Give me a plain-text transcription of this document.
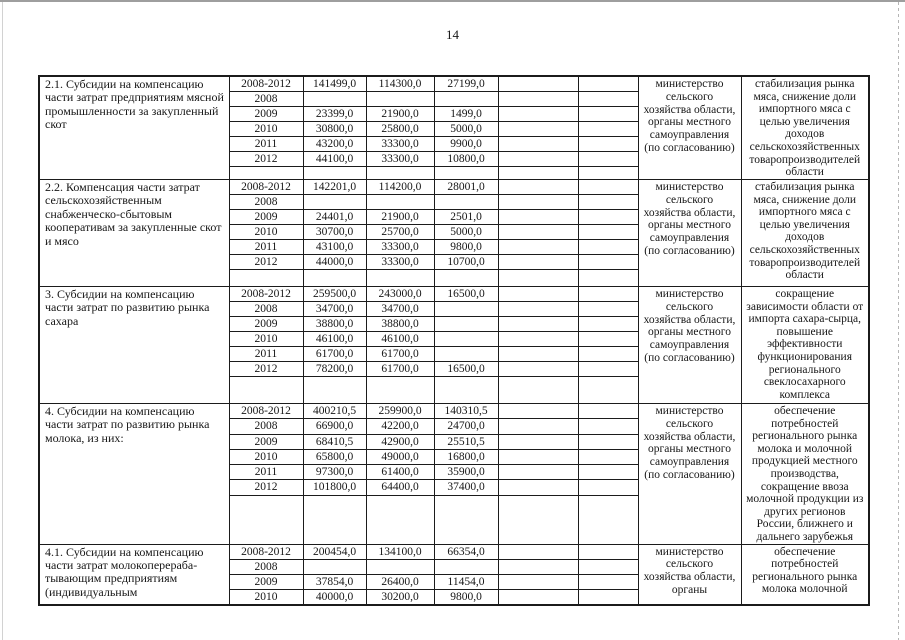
14
2.1. Субсидии на компенсацию части затрат предприятиям мясной промышленности за закупленный скот	2008-2012	141499,0	114300,0	27199,0			министерство сельского хозяйства области, органы местного самоуправления (по согласованию)	стабилизация рынка мяса, снижение доли импортного мяса с целью увеличения доходов сельскохозяйственных товаропроизводителей области
	2008							
	2009	23399,0	21900,0	1499,0				
	2010	30800,0	25800,0	5000,0				
	2011	43200,0	33300,0	9900,0				
	2012	44100,0	33300,0	10800,0				

2.2. Компенсация части затрат сельскохозяйственным снабженческо-сбытовым кооперативам за закупленные скот и мясо	2008-2012	142201,0	114200,0	28001,0			министерство сельского хозяйства области, органы местного самоуправления (по согласованию)	стабилизация рынка мяса, снижение доли импортного мяса с целью увеличения доходов сельскохозяйственных товаропроизводителей области
	2008							
	2009	24401,0	21900,0	2501,0				
	2010	30700,0	25700,0	5000,0				
	2011	43100,0	33300,0	9800,0				
	2012	44000,0	33300,0	10700,0				

3. Субсидии на компенсацию части затрат по развитию рынка сахара	2008-2012	259500,0	243000,0	16500,0			министерство сельского хозяйства области, органы местного самоуправления (по согласованию)	сокращение зависимости области от импорта сахара-сырца, повышение эффективности функционирования регионального свеклосахарного комплекса
	2008	34700,0	34700,0					
	2009	38800,0	38800,0					
	2010	46100,0	46100,0					
	2011	61700,0	61700,0					
	2012	78200,0	61700,0	16500,0				

4. Субсидии на компенсацию части затрат по развитию рынка молока, из них:	2008-2012	400210,5	259900,0	140310,5			министерство сельского хозяйства области, органы местного самоуправления (по согласованию)	обеспечение потребностей регионального рынка молока и молочной продукцией местного производства, сокращение ввоза молочной продукции из других регионов России, ближнего и дальнего зарубежья
	2008	66900,0	42200,0	24700,0				
	2009	68410,5	42900,0	25510,5				
	2010	65800,0	49000,0	16800,0				
	2011	97300,0	61400,0	35900,0				
	2012	101800,0	64400,0	37400,0				

4.1. Субсидии на компенсацию части затрат молокоперераба-тывающим предприятиям (индивидуальным	2008-2012	200454,0	134100,0	66354,0			министерство сельского хозяйства области, органы	обеспечение потребностей регионального рынка молока молочной
	2008							
	2009	37854,0	26400,0	11454,0				
	2010	40000,0	30200,0	9800,0				
